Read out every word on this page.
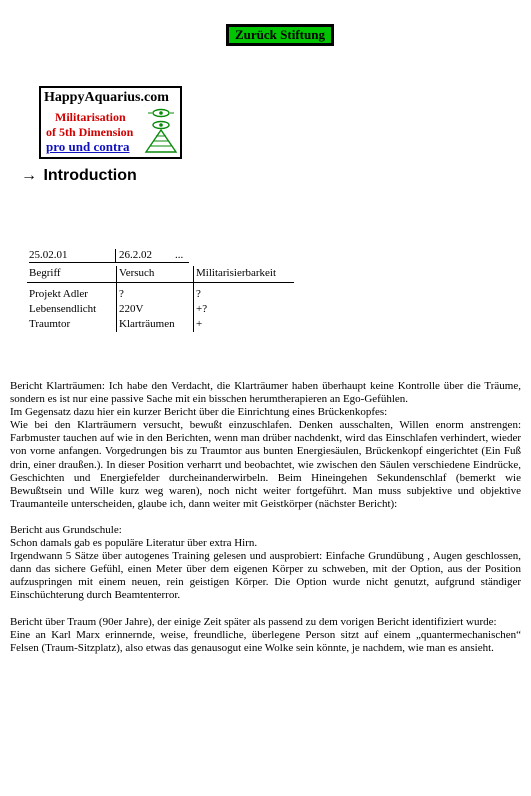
Zurück Stiftung
HappyAquarius.com
Militarisation
of 5th Dimension
pro und contra
→ Introduction
25.02.01	26.2.02	...
Begriff	Versuch	Militarisierbarkeit

Projekt Adler	?	?
Lebensendlicht	220V	+?
Traumtor	Klarträumen	+

Bericht Klarträumen: Ich habe den Verdacht, die Klarträumer haben überhaupt keine Kontrolle über die Träume, sondern es ist nur eine passive Sache mit ein bisschen herumtherapieren an Ego-Gefühlen.

Im Gegensatz dazu hier ein kurzer Bericht über die Einrichtung eines Brückenkopfes:

Wie bei den Klarträumern versucht, bewußt einzuschlafen. Denken ausschalten, Willen enorm anstrengen: Farbmuster tauchen auf wie in den Berichten, wenn man drüber nachdenkt, wird das Einschlafen verhindert, wieder von vorne anfangen. Vorgedrungen bis zu Traumtor aus bunten Energiesäulen, Brückenkopf eingerichtet (Ein Fuß drin, einer draußen.). In dieser Position verharrt und beobachtet, wie zwischen den Säulen verschiedene Eindrücke, Geschichten und Energiefelder durcheinanderwirbeln. Beim Hineingehen Sekundenschlaf (bemerkt wie Bewußtsein und Wille kurz weg waren), noch nicht weiter fortgeführt. Man muss subjektive und objektive Traumanteile unterscheiden, glaube ich, dann weiter mit Geistkörper (nächster Bericht):

Bericht aus Grundschule:

Schon damals gab es populäre Literatur über extra Hirn.

Irgendwann 5 Sätze über autogenes Training gelesen und ausprobiert: Einfache Grundübung , Augen geschlossen, dann das sichere Gefühl, einen Meter über dem eigenen Körper zu schweben, mit der Option, aus der Position aufzuspringen mit einem neuen, rein geistigen Körper. Die Option wurde nicht genutzt, aufgrund ständiger Einschüchterung durch Beamtenterror.

Bericht über Traum (90er Jahre), der einige Zeit später als passend zu dem vorigen Bericht identifiziert wurde:

Eine an Karl Marx erinnernde, weise, freundliche, überlegene Person sitzt auf einem „quantermechanischen“ Felsen (Traum-Sitzplatz), also etwas das genausogut eine Wolke sein könnte, je nachdem, wie man es ansieht.
